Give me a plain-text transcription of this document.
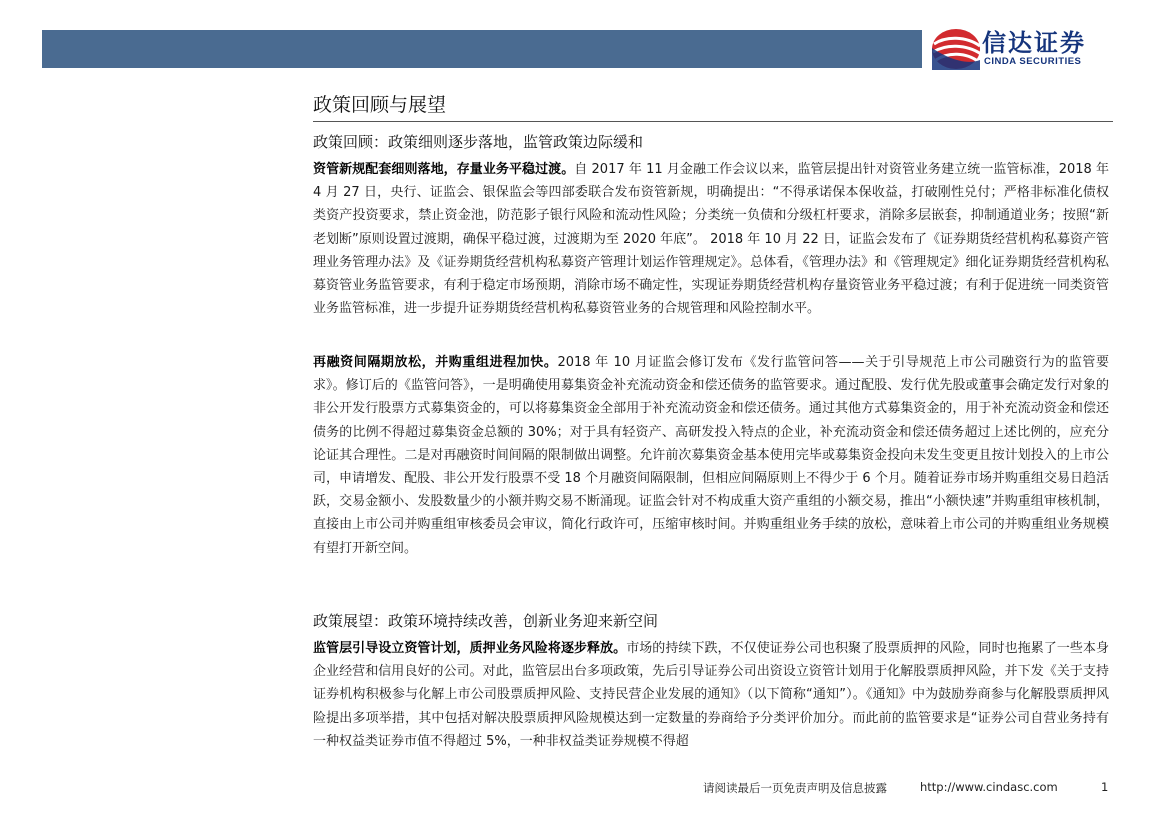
信达证券
CINDA SECURITIES
政策回顾与展望
政策回顾：政策细则逐步落地，监管政策边际缓和

资管新规配套细则落地，存量业务平稳过渡。自 2017 年 11 月金融工作会议以来，监管层提出针对资管业务建立统一监管标准，2018 年 4 月 27 日，央行、证监会、银保监会等四部委联合发布资管新规，明确提出：“不得承诺保本保收益，打破刚性兑付；严格非标准化债权类资产投资要求，禁止资金池，防范影子银行风险和流动性风险；分类统一负债和分级杠杆要求，消除多层嵌套，抑制通道业务；按照“新老划断”原则设置过渡期，确保平稳过渡，过渡期为至 2020 年底”。 2018 年 10 月 22 日，证监会发布了《证券期货经营机构私募资产管理业务管理办法》及《证券期货经营机构私募资产管理计划运作管理规定》。总体看，《管理办法》和《管理规定》细化证券期货经营机构私募资管业务监管要求，有利于稳定市场预期，消除市场不确定性，实现证券期货经营机构存量资管业务平稳过渡；有利于促进统一同类资管业务监管标准，进一步提升证券期货经营机构私募资管业务的合规管理和风险控制水平。

再融资间隔期放松，并购重组进程加快。2018 年 10 月证监会修订发布《发行监管问答——关于引导规范上市公司融资行为的监管要求》。修订后的《监管问答》，一是明确使用募集资金补充流动资金和偿还债务的监管要求。通过配股、发行优先股或董事会确定发行对象的非公开发行股票方式募集资金的，可以将募集资金全部用于补充流动资金和偿还债务。通过其他方式募集资金的，用于补充流动资金和偿还债务的比例不得超过募集资金总额的 30%；对于具有轻资产、高研发投入特点的企业，补充流动资金和偿还债务超过上述比例的，应充分论证其合理性。二是对再融资时间间隔的限制做出调整。允许前次募集资金基本使用完毕或募集资金投向未发生变更且按计划投入的上市公司，申请增发、配股、非公开发行股票不受 18 个月融资间隔限制，但相应间隔原则上不得少于 6 个月。随着证券市场并购重组交易日趋活跃，交易金额小、发股数量少的小额并购交易不断涌现。证监会针对不构成重大资产重组的小额交易，推出“小额快速”并购重组审核机制，直接由上市公司并购重组审核委员会审议，简化行政许可，压缩审核时间。并购重组业务手续的放松，意味着上市公司的并购重组业务规模有望打开新空间。

政策展望：政策环境持续改善，创新业务迎来新空间

监管层引导设立资管计划，质押业务风险将逐步释放。市场的持续下跌，不仅使证券公司也积聚了股票质押的风险，同时也拖累了一些本身企业经营和信用良好的公司。对此，监管层出台多项政策，先后引导证券公司出资设立资管计划用于化解股票质押风险，并下发《关于支持证券机构积极参与化解上市公司股票质押风险、支持民营企业发展的通知》（以下简称“通知”）。《通知》中为鼓励券商参与化解股票质押风险提出多项举措，其中包括对解决股票质押风险规模达到一定数量的券商给予分类评价加分。而此前的监管要求是“证券公司自营业务持有一种权益类证券市值不得超过 5%，一种非权益类证券规模不得超

请阅读最后一页免责声明及信息披露	http://www.cindasc.com	1
